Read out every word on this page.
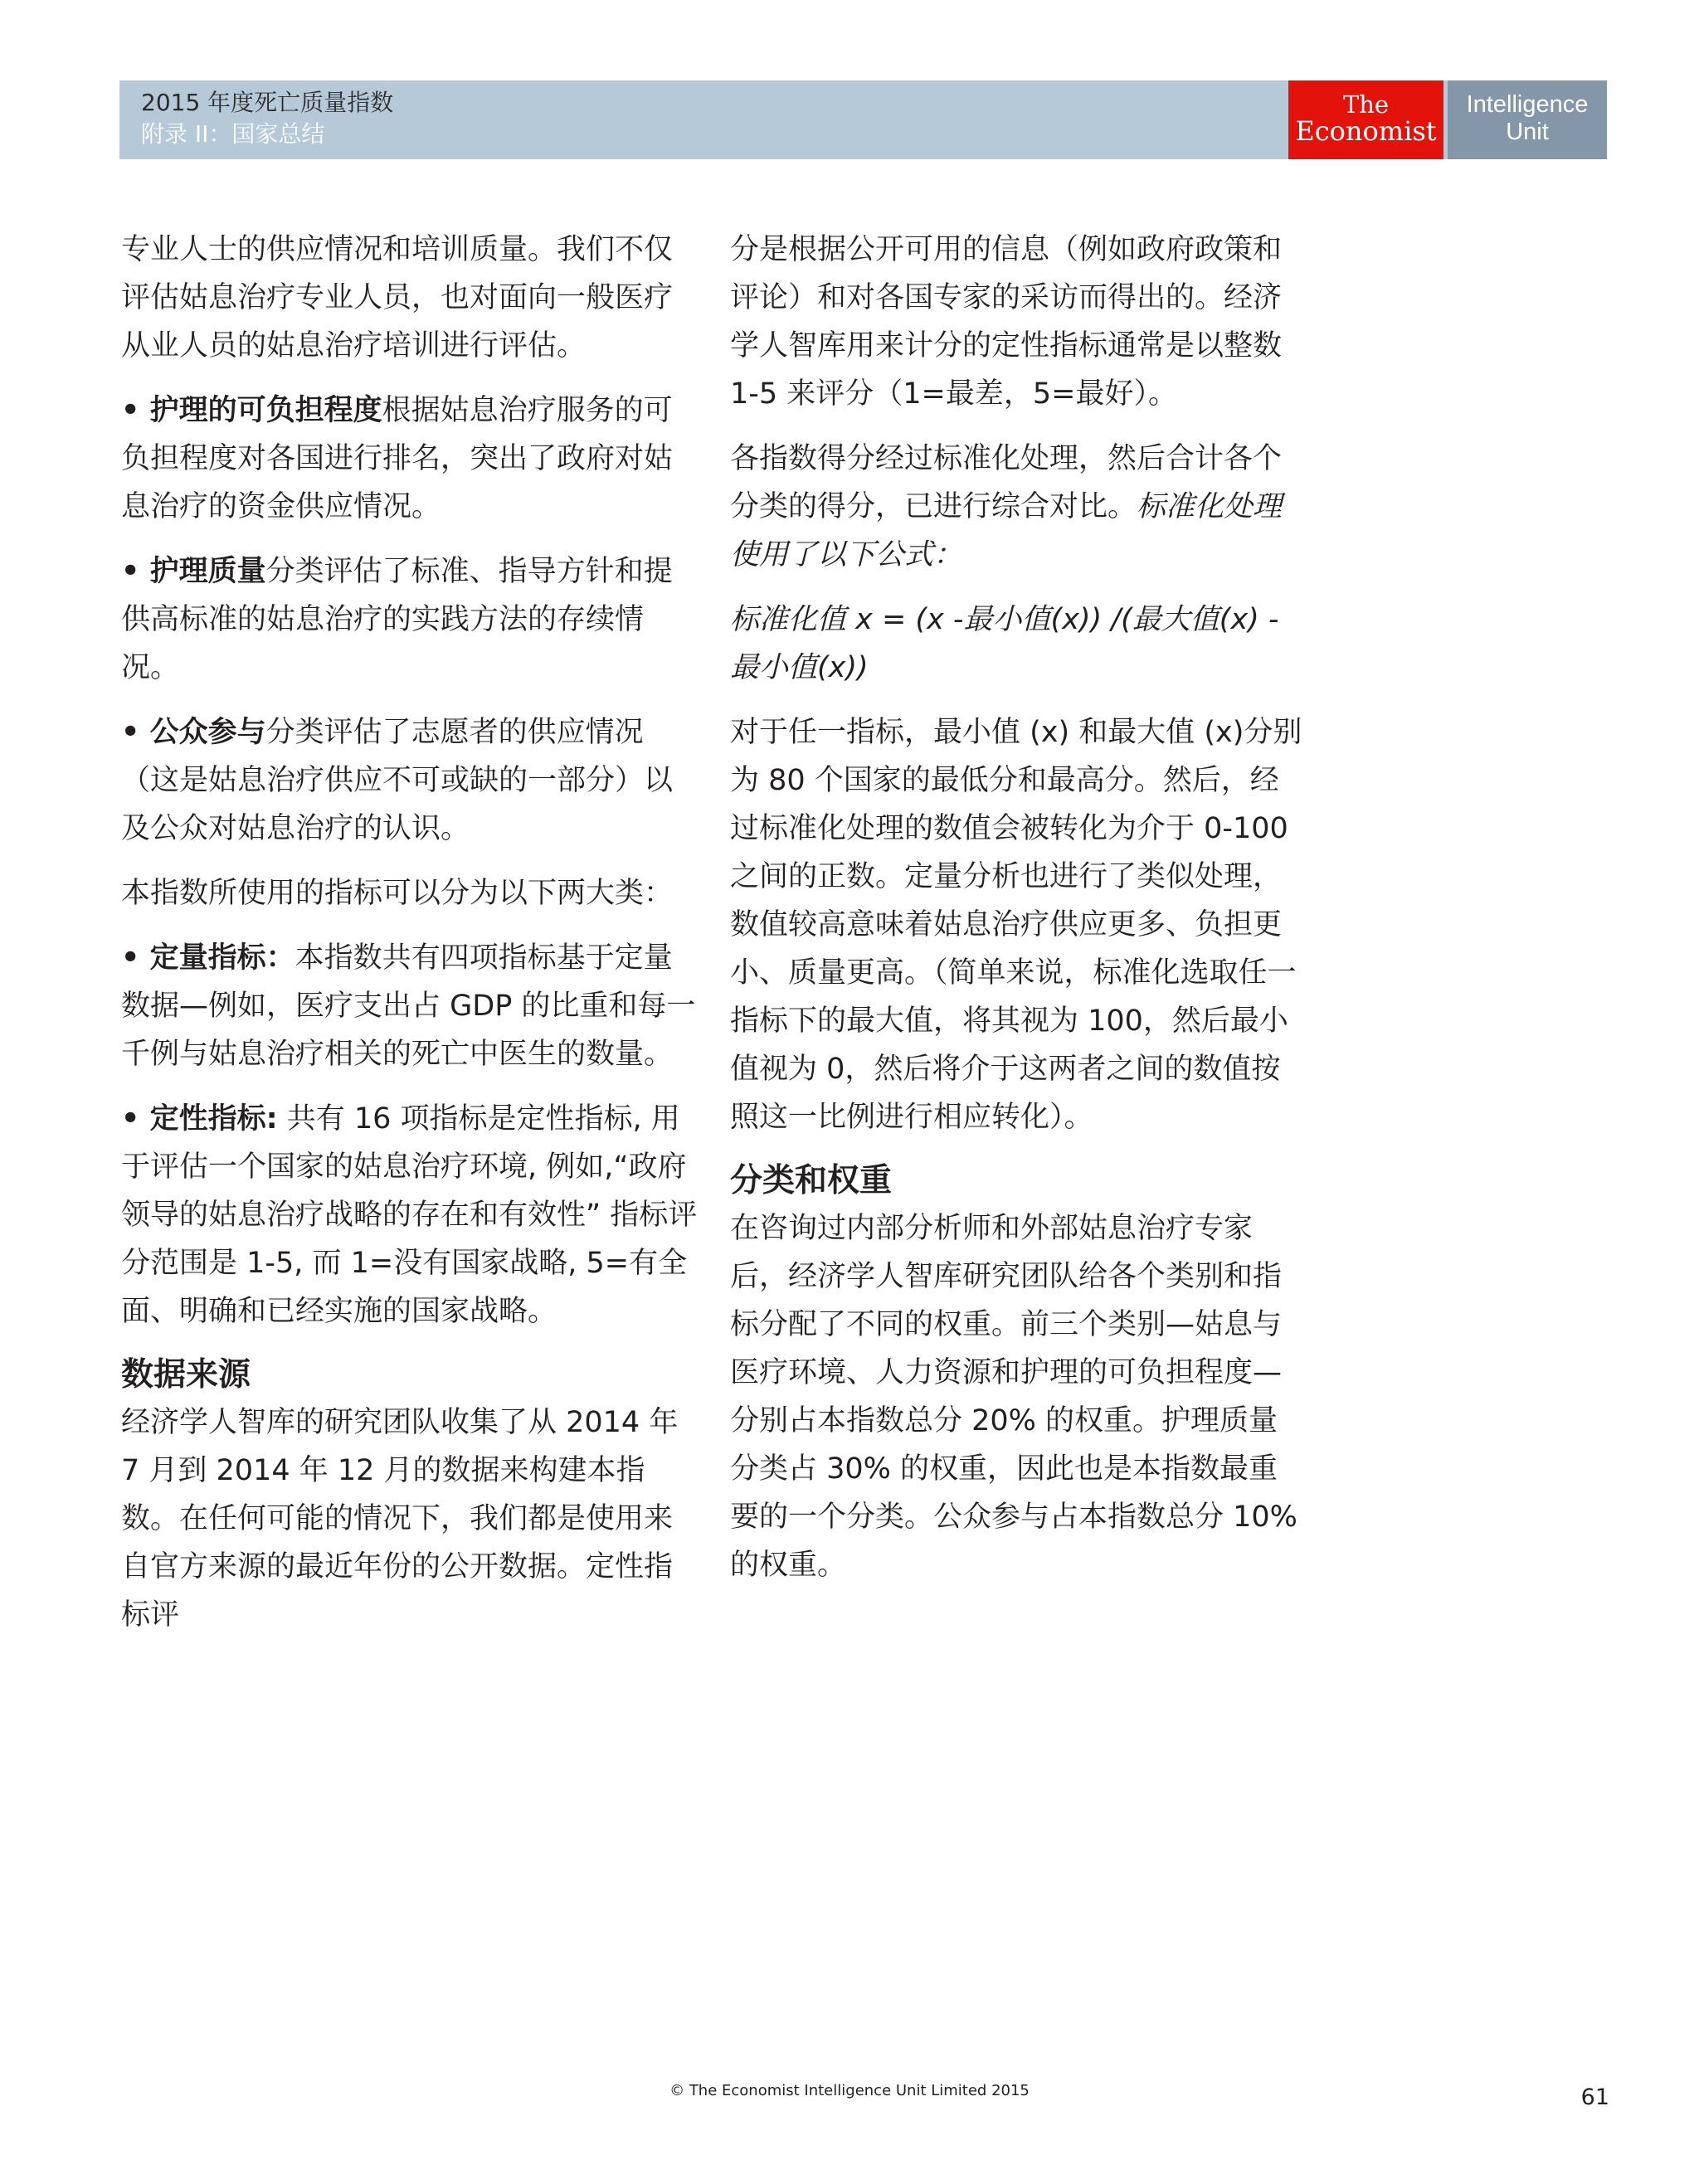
2015 年度死亡质量指数
附录 II：国家总结
The
Economist
Intelligence
Unit

专业人士的供应情况和培训质量。我们不仅评估姑息治疗专业人员，也对面向一般医疗从业人员的姑息治疗培训进行评估。

• 护理的可负担程度根据姑息治疗服务的可负担程度对各国进行排名，突出了政府对姑息治疗的资金供应情况。

• 护理质量分类评估了标准、指导方针和提供高标准的姑息治疗的实践方法的存续情况。

• 公众参与分类评估了志愿者的供应情况（这是姑息治疗供应不可或缺的一部分）以及公众对姑息治疗的认识。

本指数所使用的指标可以分为以下两大类：

• 定量指标：本指数共有四项指标基于定量数据—例如，医疗支出占 GDP 的比重和每一千例与姑息治疗相关的死亡中医生的数量。

• 定性指标: 共有 16 项指标是定性指标, 用于评估一个国家的姑息治疗环境, 例如,“政府领导的姑息治疗战略的存在和有效性” 指标评分范围是 1-5, 而 1=没有国家战略, 5=有全面、明确和已经实施的国家战略。

数据来源

经济学人智库的研究团队收集了从 2014 年 7 月到 2014 年 12 月的数据来构建本指数。在任何可能的情况下，我们都是使用来自官方来源的最近年份的公开数据。定性指标评

分是根据公开可用的信息（例如政府政策和评论）和对各国专家的采访而得出的。经济学人智库用来计分的定性指标通常是以整数 1-5 来评分（1=最差，5=最好）。

各指数得分经过标准化处理，然后合计各个分类的得分，已进行综合对比。标准化处理使用了以下公式：

标准化值 x = (x -最小值(x)) /(最大值(x) -最小值(x))

对于任一指标，最小值 (x) 和最大值 (x)分别为 80 个国家的最低分和最高分。然后，经过标准化处理的数值会被转化为介于 0-100 之间的正数。定量分析也进行了类似处理，数值较高意味着姑息治疗供应更多、负担更小、质量更高。（简单来说，标准化选取任一指标下的最大值，将其视为 100，然后最小值视为 0，然后将介于这两者之间的数值按照这一比例进行相应转化）。

分类和权重

在咨询过内部分析师和外部姑息治疗专家后，经济学人智库研究团队给各个类别和指标分配了不同的权重。前三个类别—姑息与医疗环境、人力资源和护理的可负担程度—分别占本指数总分 20% 的权重。护理质量分类占 30% 的权重，因此也是本指数最重要的一个分类。公众参与占本指数总分 10% 的权重。

© The Economist Intelligence Unit Limited 2015	61
